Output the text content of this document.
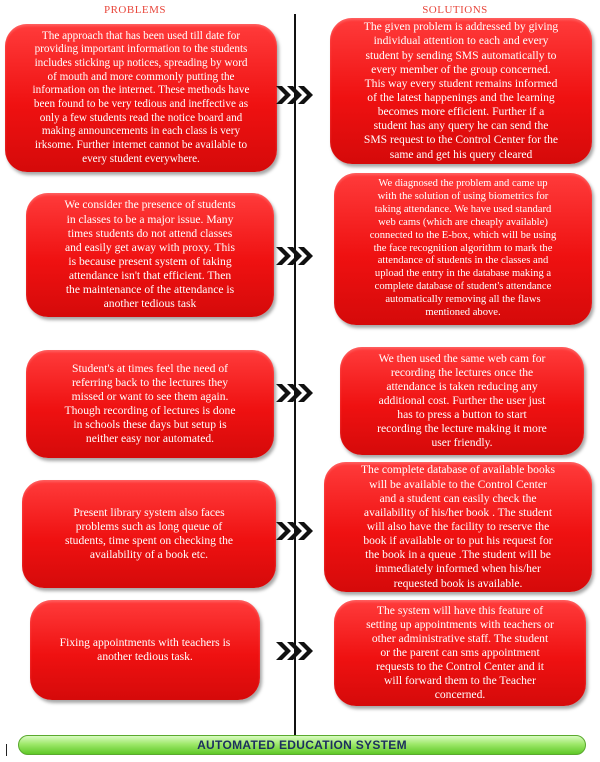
PROBLEMS	SOLUTIONS
The approach that has been used till date for
providing important information to the students
includes sticking up notices, spreading by word
of mouth and more commonly putting the
information on the internet. These methods have
been found to be very tedious and ineffective as
only a few students read the notice board and
making announcements in each class is very
irksome. Further internet cannot be available to
every student everywhere.
The given problem is addressed by giving
individual attention to each and every
student by sending SMS automatically to
every member of the group concerned.
This way every student remains informed
of the latest happenings and the learning
becomes more efficient. Further if a
student has any query he can send the
SMS request to the Control Center for the
same and get his query cleared
We consider the presence of students
in classes to be a major issue. Many
times students do not attend classes
and easily get away with proxy. This
is because present system of taking
attendance isn't that efficient. Then
the maintenance of the attendance is
another tedious task
We diagnosed the problem and came up
with the solution of using biometrics for
taking attendance. We have used standard
web cams (which are cheaply available)
connected to the E-box, which will be using
the face recognition algorithm to mark the
attendance of students in the classes and
upload the entry in the database making a
complete database of student's attendance
automatically removing all the flaws
mentioned above.
Student's at times feel the need of
referring back to the lectures they
missed or want to see them again.
Though recording of lectures is done
in schools these days but setup is
neither easy nor automated.
We then used the same web cam for
recording the lectures once the
attendance is taken reducing any
additional cost. Further the user just
has to press a button to start
recording the lecture making it more
user friendly.
Present library system also faces
problems such as long queue of
students, time spent on checking the
availability of a book etc.
The complete database of available books
will be available to the Control Center
and a student can easily check the
availability of his/her book . The student
will also have the facility to reserve the
book if available or to put his request for
the book in a queue .The student will be
immediately informed when his/her
requested book is available.
Fixing appointments with teachers is
another tedious task.
The system will have this feature of
setting up appointments with teachers or
other administrative staff. The student
or the parent can sms appointment
requests to the Control Center and it
will forward them to the Teacher
concerned.
AUTOMATED EDUCATION SYSTEM
